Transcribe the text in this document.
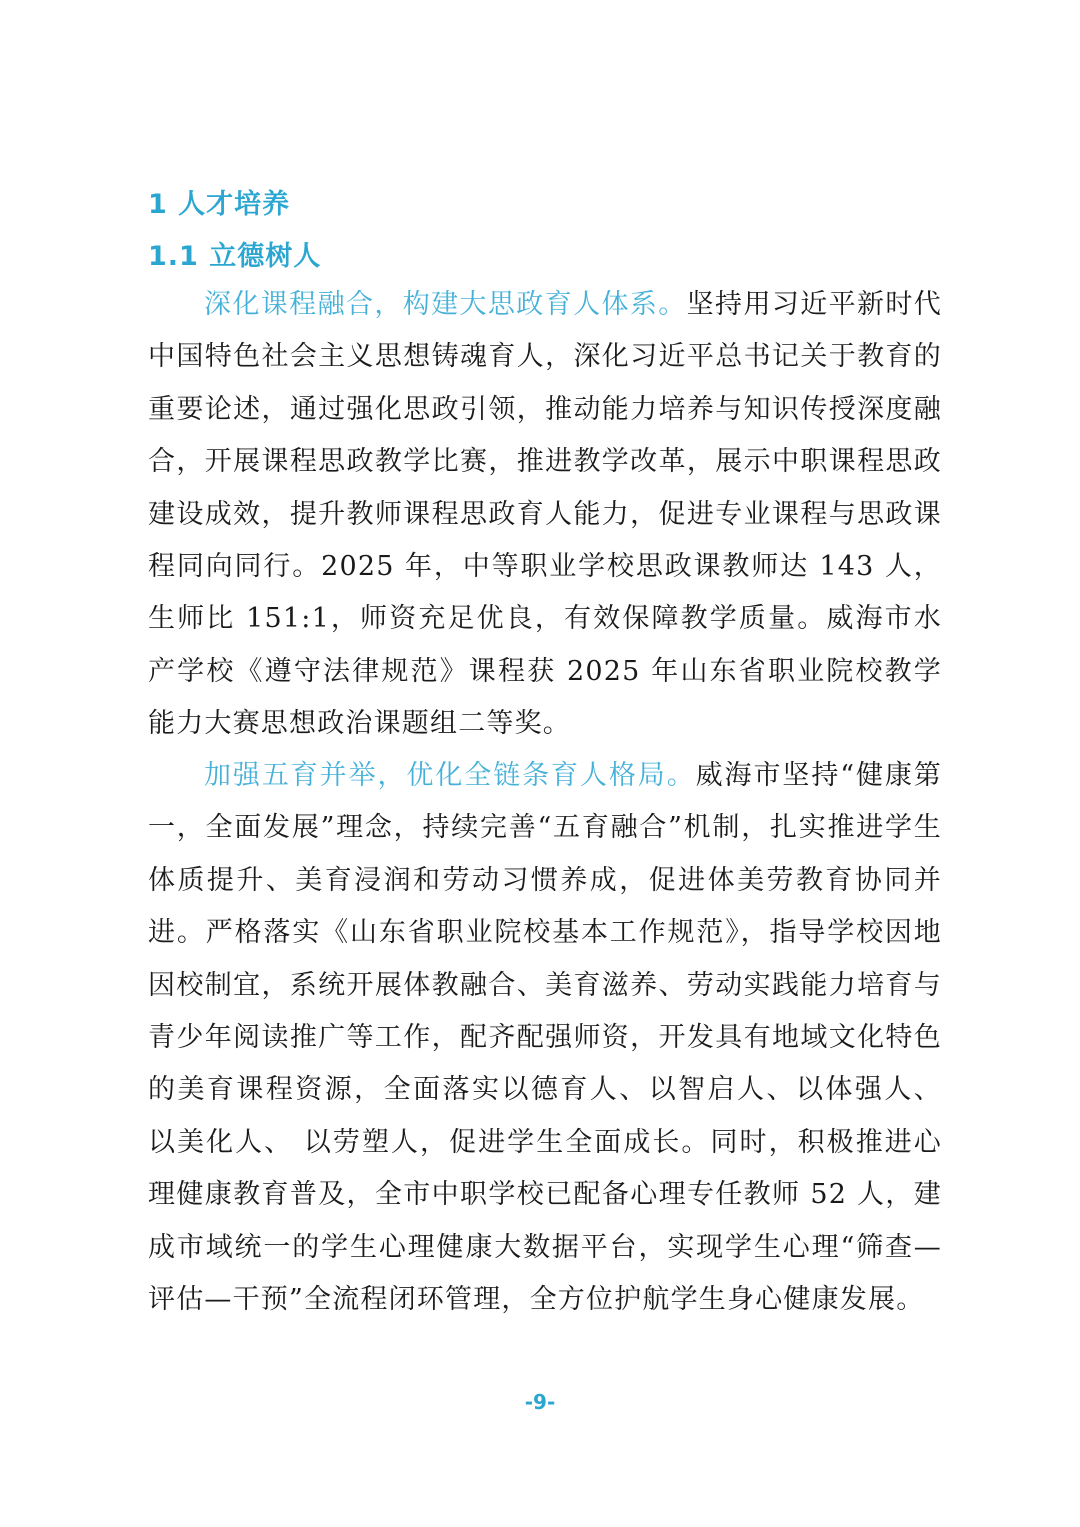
1 人才培养
1.1 立德树人

深化课程融合，构建大思政育人体系。坚持用习近平新时代中国特色社会主义思想铸魂育人，深化习近平总书记关于教育的重要论述，通过强化思政引领，推动能力培养与知识传授深度融合，开展课程思政教学比赛，推进教学改革，展示中职课程思政建设成效，提升教师课程思政育人能力，促进专业课程与思政课程同向同行。2025 年，中等职业学校思政课教师达 143 人，生师比 151:1，师资充足优良，有效保障教学质量。威海市水产学校《遵守法律规范》课程获 2025 年山东省职业院校教学能力大赛思想政治课题组二等奖。

加强五育并举，优化全链条育人格局。威海市坚持“健康第一，全面发展”理念，持续完善“五育融合”机制，扎实推进学生体质提升、美育浸润和劳动习惯养成，促进体美劳教育协同并进。严格落实《山东省职业院校基本工作规范》，指导学校因地因校制宜，系统开展体教融合、美育滋养、劳动实践能力培育与青少年阅读推广等工作，配齐配强师资，开发具有地域文化特色的美育课程资源，全面落实以德育人、以智启人、以体强人、 以美化人、 以劳塑人，促进学生全面成长。同时，积极推进心理健康教育普及，全市中职学校已配备心理专任教师 52 人，建成市域统一的学生心理健康大数据平台，实现学生心理“筛查—评估—干预”全流程闭环管理，全方位护航学生身心健康发展。

-9-
